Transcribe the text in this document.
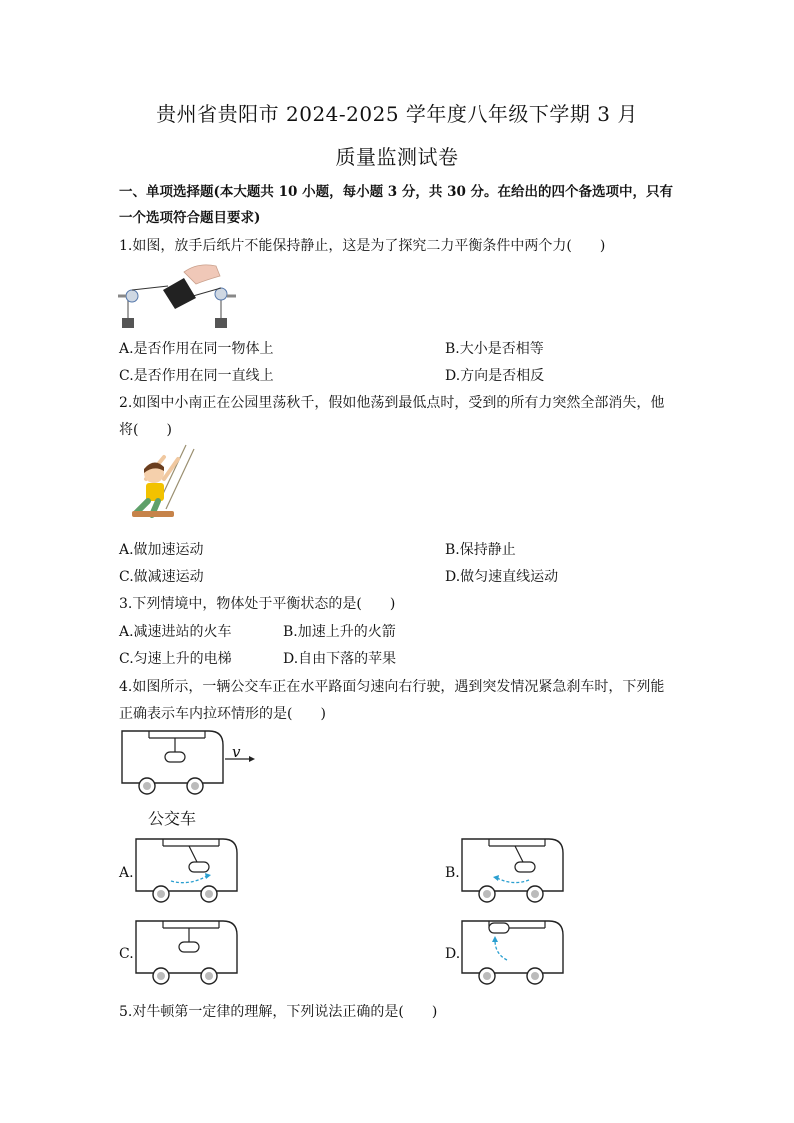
贵州省贵阳市 2024-2025 学年度八年级下学期 3 月
质量监测试卷
一、单项选择题(本大题共 10 小题，每小题 3 分，共 30 分。在给出的四个备选项中，只有
一个选项符合题目要求)
1.如图，放手后纸片不能保持静止，这是为了探究二力平衡条件中两个力(　　)
A.是否作用在同一物体上	B.大小是否相等
C.是否作用在同一直线上	D.方向是否相反
2.如图中小南正在公园里荡秋千，假如他荡到最低点时，受到的所有力突然全部消失，他
将(　　)
A.做加速运动	B.保持静止
C.做减速运动	D.做匀速直线运动
3.下列情境中，物体处于平衡状态的是(　　)
A.减速进站的火车	B.加速上升的火箭
C.匀速上升的电梯	D.自由下落的苹果
4.如图所示，一辆公交车正在水平路面匀速向右行驶，遇到突发情况紧急刹车时，下列能
正确表示车内拉环情形的是(　　)
v
公交车
A.	B.
C.	D.
5.对牛顿第一定律的理解，下列说法正确的是(　　)
